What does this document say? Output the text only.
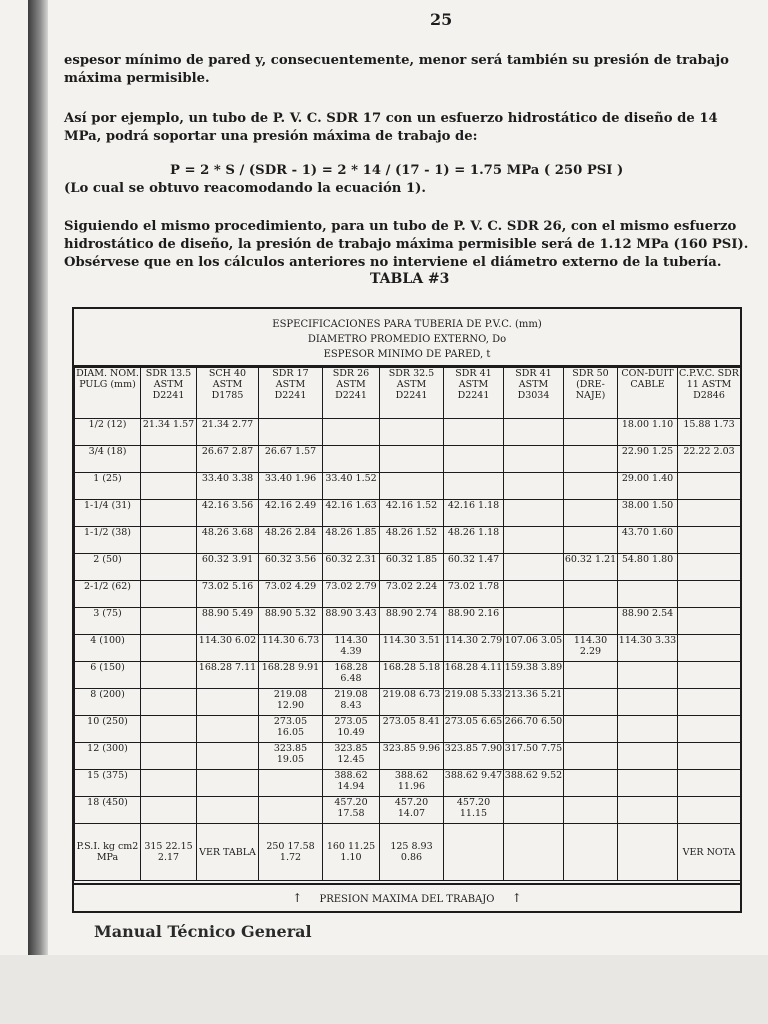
25
espesor mínimo de pared y, consecuentemente, menor será también su presión de trabajo máxima permisible.
Así por ejemplo, un tubo de P. V. C. SDR 17 con un esfuerzo hidrostático de diseño de 14 MPa, podrá soportar una presión máxima de trabajo de:
P = 2 * S / (SDR - 1) = 2 * 14 / (17 - 1) = 1.75 MPa ( 250 PSI )
(Lo cual se obtuvo reacomodando la ecuación 1).
Siguiendo el mismo procedimiento, para un tubo de P. V. C. SDR 26, con el mismo esfuerzo hidrostático de diseño, la presión de trabajo máxima permisible será de 1.12 MPa (160 PSI). Obsérvese que en los cálculos anteriores no interviene el diámetro externo de la tubería.
TABLA #3
ESPECIFICACIONES PARA TUBERIA DE P.V.C. (mm)
DIAMETRO PROMEDIO EXTERNO, Do
ESPESOR MINIMO DE PARED, t
DIAM. NOM. PULG (mm)	SDR 13.5 ASTM D2241	SCH 40 ASTM D1785	SDR 17 ASTM D2241	SDR 26 ASTM D2241	SDR 32.5 ASTM D2241	SDR 41 ASTM D2241	SDR 41 ASTM D3034	SDR 50 (DRE-NAJE)	CON-DUIT CABLE	C.P.V.C. SDR 11 ASTM D2846
1/2 (12)	21.34 1.57	21.34 2.77							18.00 1.10	15.88 1.73
3/4 (18)		26.67 2.87	26.67 1.57						22.90 1.25	22.22 2.03
1 (25)		33.40 3.38	33.40 1.96	33.40 1.52					29.00 1.40	
1-1/4 (31)		42.16 3.56	42.16 2.49	42.16 1.63	42.16 1.52	42.16 1.18			38.00 1.50	
1-1/2 (38)		48.26 3.68	48.26 2.84	48.26 1.85	48.26 1.52	48.26 1.18			43.70 1.60	
2 (50)		60.32 3.91	60.32 3.56	60.32 2.31	60.32 1.85	60.32 1.47		60.32 1.21	54.80 1.80	
2-1/2 (62)		73.02 5.16	73.02 4.29	73.02 2.79	73.02 2.24	73.02 1.78				
3 (75)		88.90 5.49	88.90 5.32	88.90 3.43	88.90 2.74	88.90 2.16			88.90 2.54	
4 (100)		114.30 6.02	114.30 6.73	114.30 4.39	114.30 3.51	114.30 2.79	107.06 3.05	114.30 2.29	114.30 3.33	
6 (150)		168.28 7.11	168.28 9.91	168.28 6.48	168.28 5.18	168.28 4.11	159.38 3.89			
8 (200)			219.08 12.90	219.08 8.43	219.08 6.73	219.08 5.33	213.36 5.21			
10 (250)			273.05 16.05	273.05 10.49	273.05 8.41	273.05 6.65	266.70 6.50			
12 (300)			323.85 19.05	323.85 12.45	323.85 9.96	323.85 7.90	317.50 7.75			
15 (375)				388.62 14.94	388.62 11.96	388.62 9.47	388.62 9.52			
18 (450)				457.20 17.58	457.20 14.07	457.20 11.15				
P.S.I. kg cm2 MPa	315 22.15 2.17	VER TABLA	250 17.58 1.72	160 11.25 1.10	125 8.93 0.86					VER NOTA
↑ PRESION MAXIMA DEL TRABAJO ↑
Manual Técnico General
